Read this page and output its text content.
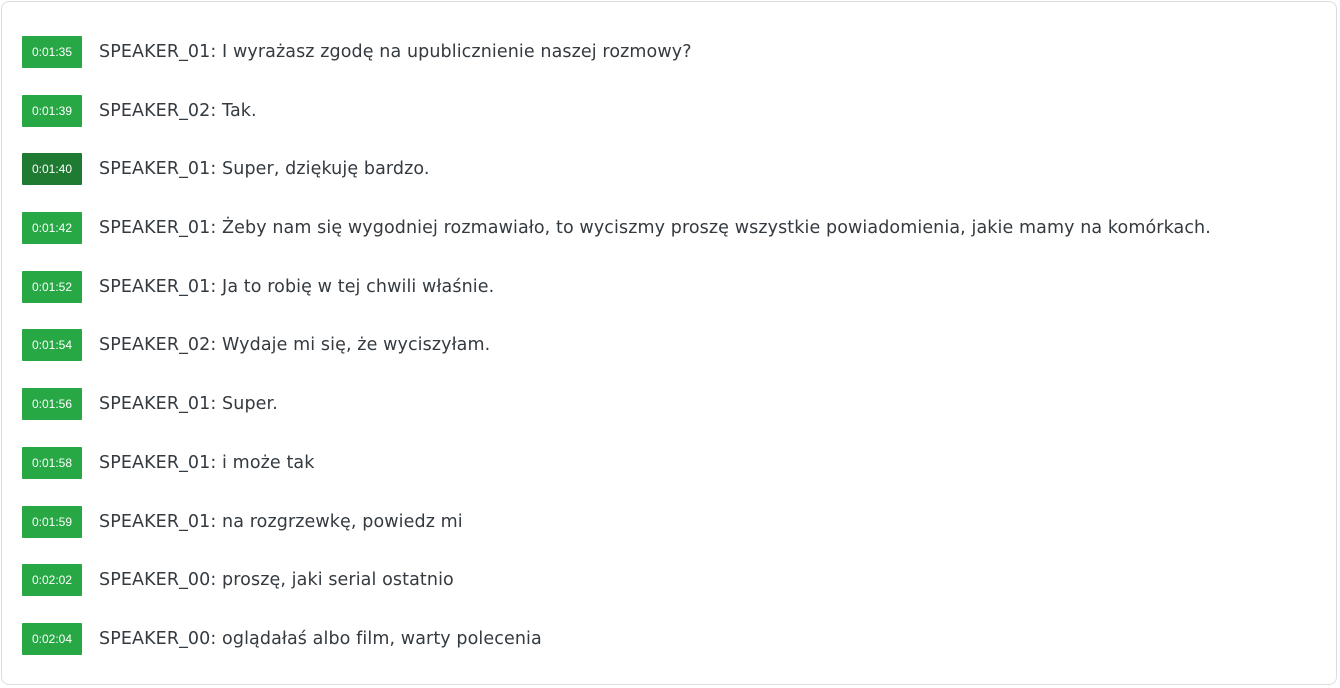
0:01:35	SPEAKER_01: I wyrażasz zgodę na upublicznienie naszej rozmowy?
0:01:39	SPEAKER_02: Tak.
0:01:40	SPEAKER_01: Super, dziękuję bardzo.
0:01:42	SPEAKER_01: Żeby nam się wygodniej rozmawiało, to wyciszmy proszę wszystkie powiadomienia, jakie mamy na komórkach.
0:01:52	SPEAKER_01: Ja to robię w tej chwili właśnie.
0:01:54	SPEAKER_02: Wydaje mi się, że wyciszyłam.
0:01:56	SPEAKER_01: Super.
0:01:58	SPEAKER_01: i może tak
0:01:59	SPEAKER_01: na rozgrzewkę, powiedz mi
0:02:02	SPEAKER_00: proszę, jaki serial ostatnio
0:02:04	SPEAKER_00: oglądałaś albo film, warty polecenia
